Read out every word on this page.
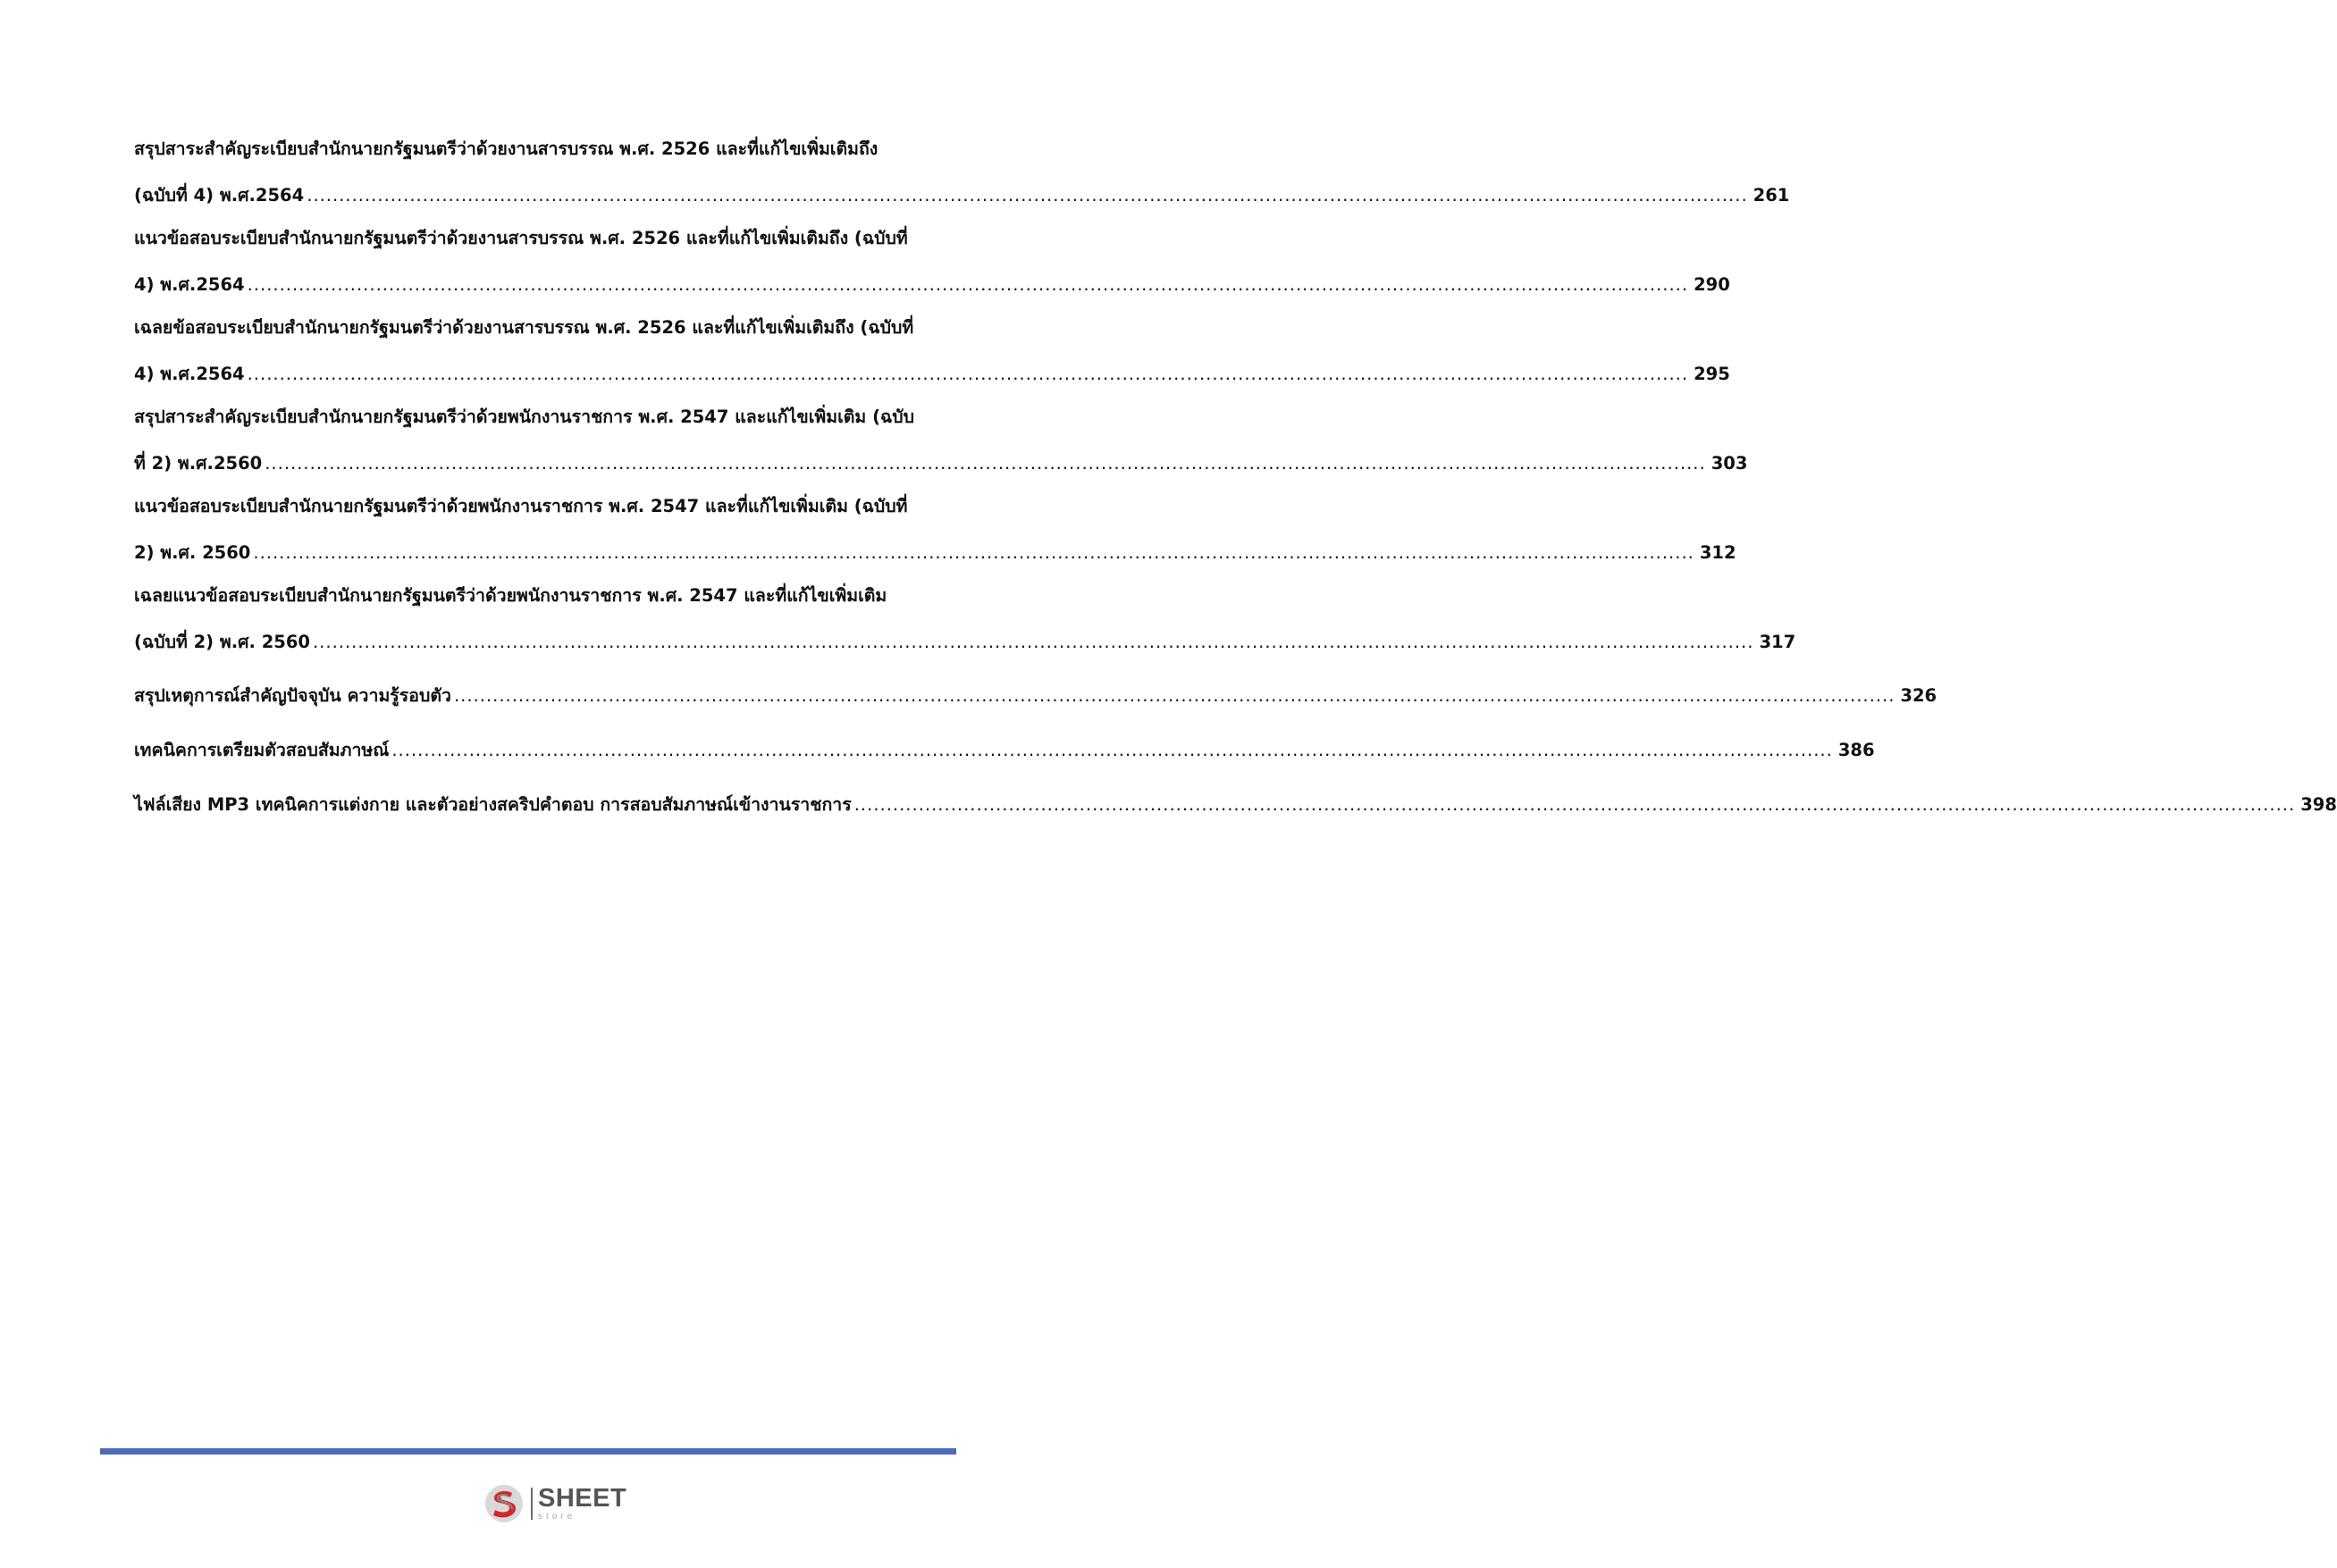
สรุปสาระสำคัญระเบียบสำนักนายกรัฐมนตรีว่าด้วยงานสารบรรณ พ.ศ. 2526 และที่แก้ไขเพิ่มเติมถึง
(ฉบับที่ 4) พ.ศ.2564 ................................................................................................................................................................................................................................ 261
แนวข้อสอบระเบียบสำนักนายกรัฐมนตรีว่าด้วยงานสารบรรณ พ.ศ. 2526 และที่แก้ไขเพิ่มเติมถึง (ฉบับที่
4) พ.ศ.2564 ................................................................................................................................................................................................................................ 290
เฉลยข้อสอบระเบียบสำนักนายกรัฐมนตรีว่าด้วยงานสารบรรณ พ.ศ. 2526 และที่แก้ไขเพิ่มเติมถึง (ฉบับที่
4) พ.ศ.2564 ................................................................................................................................................................................................................................ 295
สรุปสาระสำคัญระเบียบสำนักนายกรัฐมนตรีว่าด้วยพนักงานราชการ พ.ศ. 2547 และแก้ไขเพิ่มเติม (ฉบับ
ที่ 2) พ.ศ.2560 ................................................................................................................................................................................................................................ 303
แนวข้อสอบระเบียบสำนักนายกรัฐมนตรีว่าด้วยพนักงานราชการ พ.ศ. 2547 และที่แก้ไขเพิ่มเติม (ฉบับที่
2) พ.ศ. 2560 ................................................................................................................................................................................................................................ 312
เฉลยแนวข้อสอบระเบียบสำนักนายกรัฐมนตรีว่าด้วยพนักงานราชการ พ.ศ. 2547 และที่แก้ไขเพิ่มเติม
(ฉบับที่ 2) พ.ศ. 2560 ................................................................................................................................................................................................................................ 317
สรุปเหตุการณ์สำคัญปัจจุบัน ความรู้รอบตัว ................................................................................................................................................................................................................................ 326
เทคนิคการเตรียมตัวสอบสัมภาษณ์ ................................................................................................................................................................................................................................ 386
ไฟล์เสียง MP3 เทคนิคการแต่งกาย และตัวอย่างสคริปคำตอบ การสอบสัมภาษณ์เข้างานราชการ ................................................................................................................................................................................................................................ 398
SHEET
store
